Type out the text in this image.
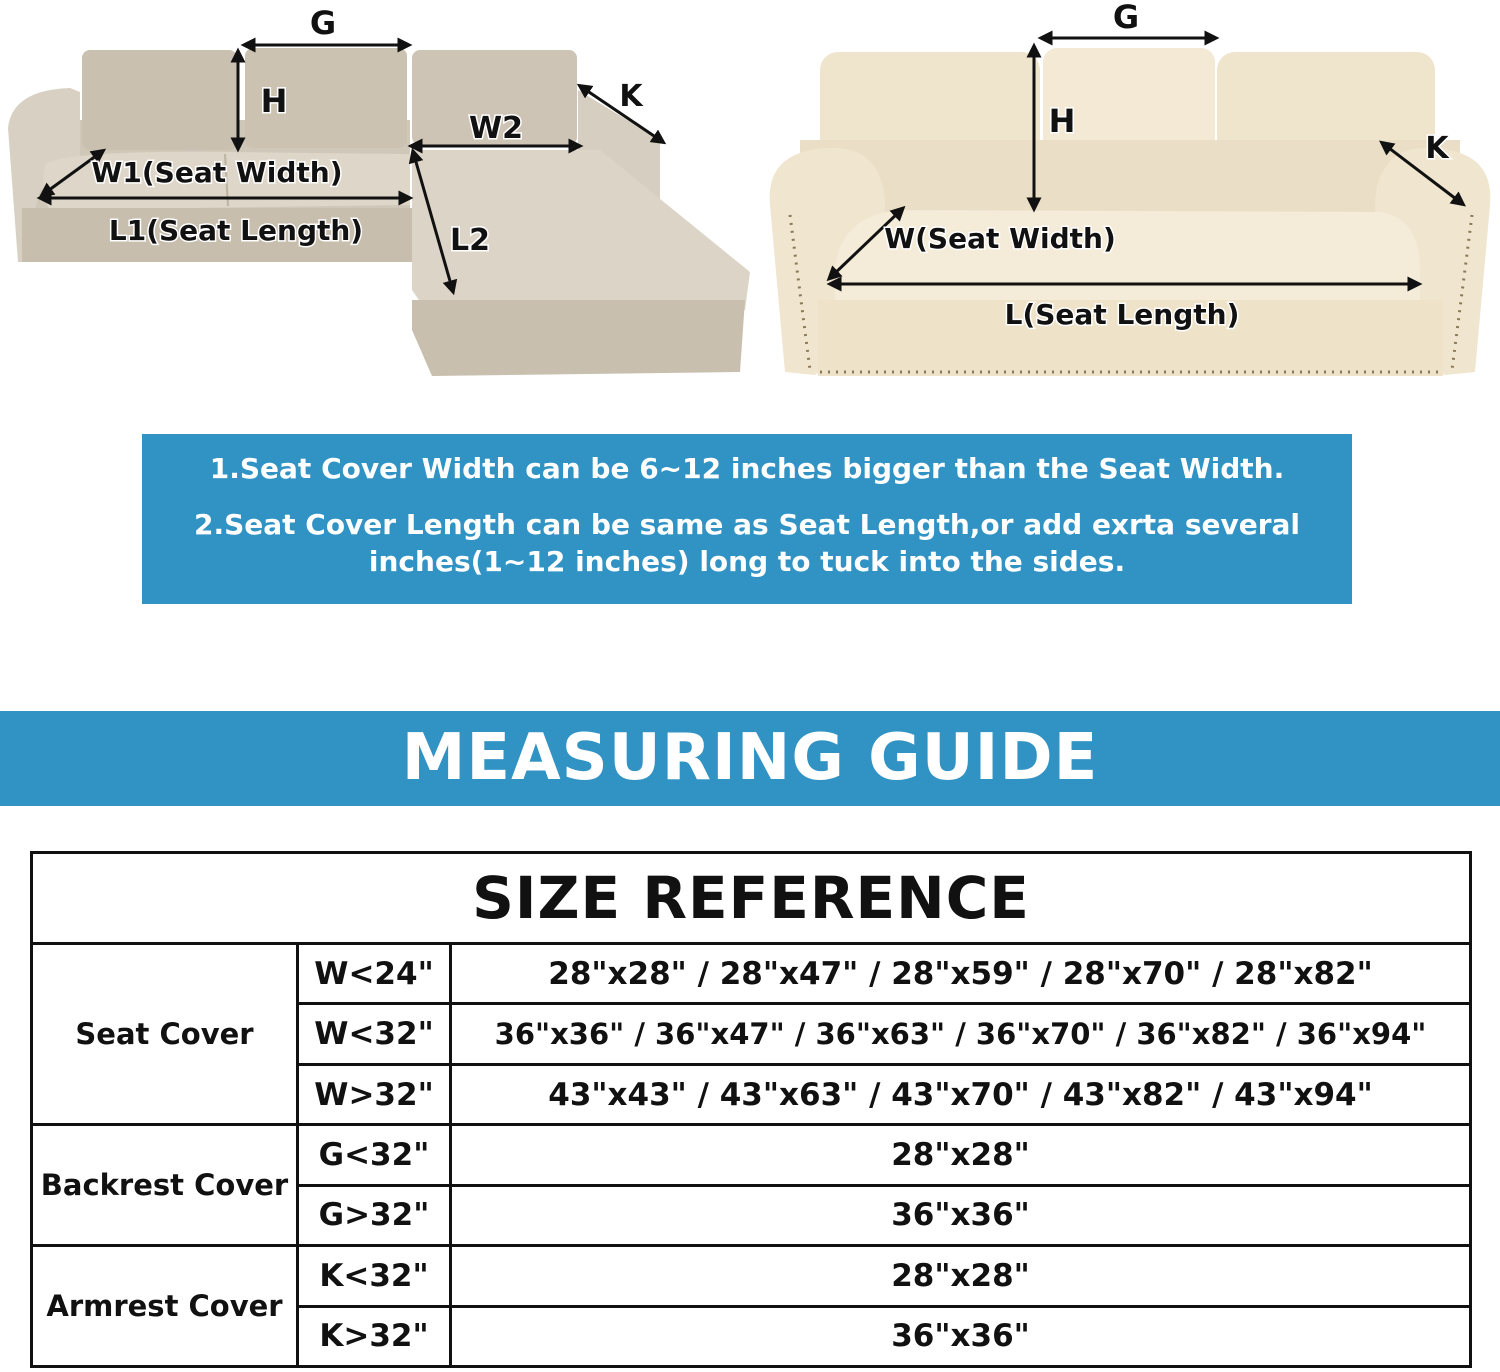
G
H	K
W2
W1(Seat Width)
L1(Seat Length)	L2
G
H
K
W(Seat Width)
L(Seat Length)

1.Seat Cover Width can be 6~12 inches bigger than the Seat Width.

2.Seat Cover Length can be same as Seat Length,or add exrta several

inches(1~12 inches) long to tuck into the sides.

MEASURING GUIDE
SIZE REFERENCE		
Seat Cover	W<24"	28"x28" / 28"x47" / 28"x59" / 28"x70" / 28"x82"
	W<32"	36"x36" / 36"x47" / 36"x63" / 36"x70" / 36"x82" / 36"x94"
	W>32"	43"x43" / 43"x63" / 43"x70" / 43"x82" / 43"x94"
Backrest Cover	G<32"	28"x28"
	G>32"	36"x36"
Armrest Cover	K<32"	28"x28"
	K>32"	36"x36"
